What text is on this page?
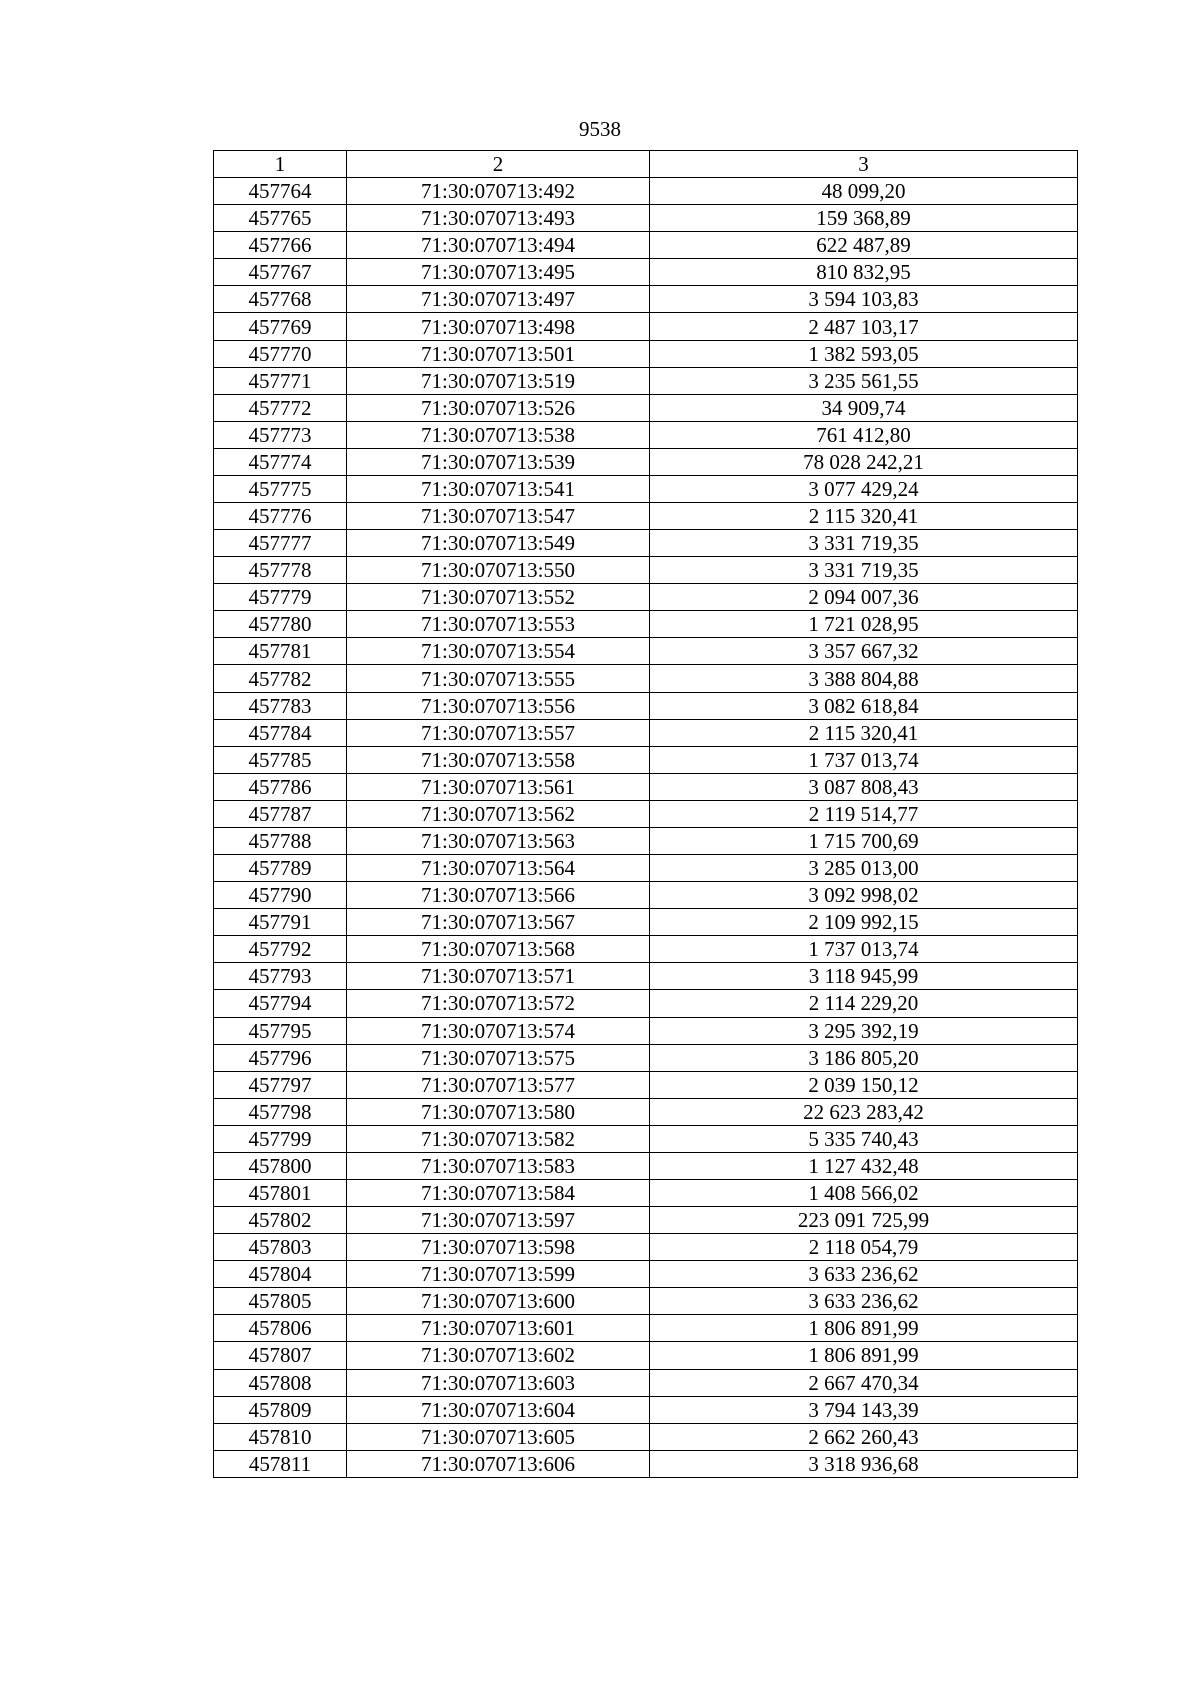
9538
1	2	3
457764	71:30:070713:492	48 099,20
457765	71:30:070713:493	159 368,89
457766	71:30:070713:494	622 487,89
457767	71:30:070713:495	810 832,95
457768	71:30:070713:497	3 594 103,83
457769	71:30:070713:498	2 487 103,17
457770	71:30:070713:501	1 382 593,05
457771	71:30:070713:519	3 235 561,55
457772	71:30:070713:526	34 909,74
457773	71:30:070713:538	761 412,80
457774	71:30:070713:539	78 028 242,21
457775	71:30:070713:541	3 077 429,24
457776	71:30:070713:547	2 115 320,41
457777	71:30:070713:549	3 331 719,35
457778	71:30:070713:550	3 331 719,35
457779	71:30:070713:552	2 094 007,36
457780	71:30:070713:553	1 721 028,95
457781	71:30:070713:554	3 357 667,32
457782	71:30:070713:555	3 388 804,88
457783	71:30:070713:556	3 082 618,84
457784	71:30:070713:557	2 115 320,41
457785	71:30:070713:558	1 737 013,74
457786	71:30:070713:561	3 087 808,43
457787	71:30:070713:562	2 119 514,77
457788	71:30:070713:563	1 715 700,69
457789	71:30:070713:564	3 285 013,00
457790	71:30:070713:566	3 092 998,02
457791	71:30:070713:567	2 109 992,15
457792	71:30:070713:568	1 737 013,74
457793	71:30:070713:571	3 118 945,99
457794	71:30:070713:572	2 114 229,20
457795	71:30:070713:574	3 295 392,19
457796	71:30:070713:575	3 186 805,20
457797	71:30:070713:577	2 039 150,12
457798	71:30:070713:580	22 623 283,42
457799	71:30:070713:582	5 335 740,43
457800	71:30:070713:583	1 127 432,48
457801	71:30:070713:584	1 408 566,02
457802	71:30:070713:597	223 091 725,99
457803	71:30:070713:598	2 118 054,79
457804	71:30:070713:599	3 633 236,62
457805	71:30:070713:600	3 633 236,62
457806	71:30:070713:601	1 806 891,99
457807	71:30:070713:602	1 806 891,99
457808	71:30:070713:603	2 667 470,34
457809	71:30:070713:604	3 794 143,39
457810	71:30:070713:605	2 662 260,43
457811	71:30:070713:606	3 318 936,68
